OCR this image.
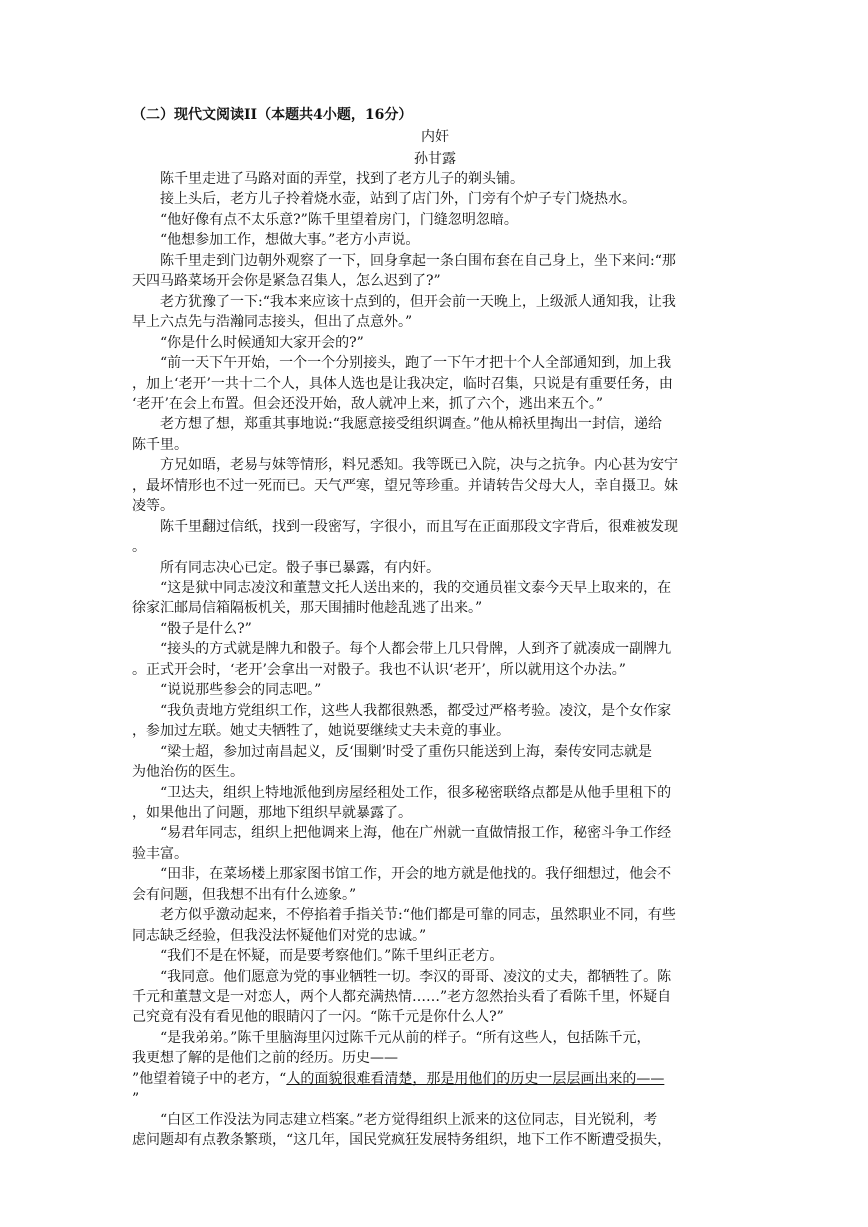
（二）现代文阅读II（本题共4小题，16分）
内奸
孙甘露
陈千里走进了马路对面的弄堂，找到了老方儿子的剃头铺。
接上头后，老方儿子拎着烧水壶，站到了店门外，门旁有个炉子专门烧热水。
“他好像有点不太乐意?”陈千里望着房门，门缝忽明忽暗。
“他想参加工作，想做大事。”老方小声说。
陈千里走到门边朝外观察了一下，回身拿起一条白围布套在自己身上，坐下来问:“那
天四马路菜场开会你是紧急召集人，怎么迟到了?”
老方犹豫了一下:“我本来应该十点到的，但开会前一天晚上，上级派人通知我，让我
早上六点先与浩瀚同志接头，但出了点意外。”
“你是什么时候通知大家开会的?”
“前一天下午开始，一个一个分别接头，跑了一下午才把十个人全部通知到，加上我
，加上‘老开’一共十二个人，具体人选也是让我决定，临时召集，只说是有重要任务，由
‘老开’在会上布置。但会还没开始，敌人就冲上来，抓了六个，逃出来五个。”
老方想了想，郑重其事地说:“我愿意接受组织调查。”他从棉袄里掏出一封信，递给
陈千里。
方兄如晤，老易与妹等情形，料兄悉知。我等既已入院，决与之抗争。内心甚为安宁
，最坏情形也不过一死而已。天气严寒，望兄等珍重。并请转告父母大人，幸自摄卫。妹
凌等。
陈千里翻过信纸，找到一段密写，字很小，而且写在正面那段文字背后，很难被发现
。
所有同志决心已定。骰子事已暴露，有内奸。
“这是狱中同志凌汶和董慧文托人送出来的，我的交通员崔文泰今天早上取来的，在
徐家汇邮局信箱隔板机关，那天围捕时他趁乱逃了出来。”
“骰子是什么?”
“接头的方式就是牌九和骰子。每个人都会带上几只骨牌，人到齐了就凑成一副牌九
。正式开会时，‘老开’会拿出一对骰子。我也不认识‘老开’，所以就用这个办法。”
“说说那些参会的同志吧。”
“我负责地方党组织工作，这些人我都很熟悉，都受过严格考验。凌汶，是个女作家
，参加过左联。她丈夫牺牲了，她说要继续丈夫未竟的事业。
“梁士超，参加过南昌起义，反‘围剿’时受了重伤只能送到上海，秦传安同志就是
为他治伤的医生。
“卫达夫，组织上特地派他到房屋经租处工作，很多秘密联络点都是从他手里租下的
，如果他出了问题，那地下组织早就暴露了。
“易君年同志，组织上把他调来上海，他在广州就一直做情报工作，秘密斗争工作经
验丰富。
“田非，在菜场楼上那家图书馆工作，开会的地方就是他找的。我仔细想过，他会不
会有问题，但我想不出有什么迹象。”
老方似乎激动起来，不停掐着手指关节:“他们都是可靠的同志，虽然职业不同，有些
同志缺乏经验，但我没法怀疑他们对党的忠诚。”
“我们不是在怀疑，而是要考察他们。”陈千里纠正老方。
“我同意。他们愿意为党的事业牺牲一切。李汉的哥哥、凌汶的丈夫，都牺牲了。陈
千元和董慧文是一对恋人，两个人都充满热情……”老方忽然抬头看了看陈千里，怀疑自
己究竟有没有看见他的眼睛闪了一闪。“陈千元是你什么人?”
“是我弟弟。”陈千里脑海里闪过陈千元从前的样子。“所有这些人，包括陈千元，
我更想了解的是他们之前的经历。历史——
”他望着镜子中的老方，“人的面貌很难看清楚，那是用他们的历史一层层画出来的——
”
“白区工作没法为同志建立档案。”老方觉得组织上派来的这位同志，目光锐利，考
虑问题却有点教条繁琐，“这几年，国民党疯狂发展特务组织，地下工作不断遭受损失，
